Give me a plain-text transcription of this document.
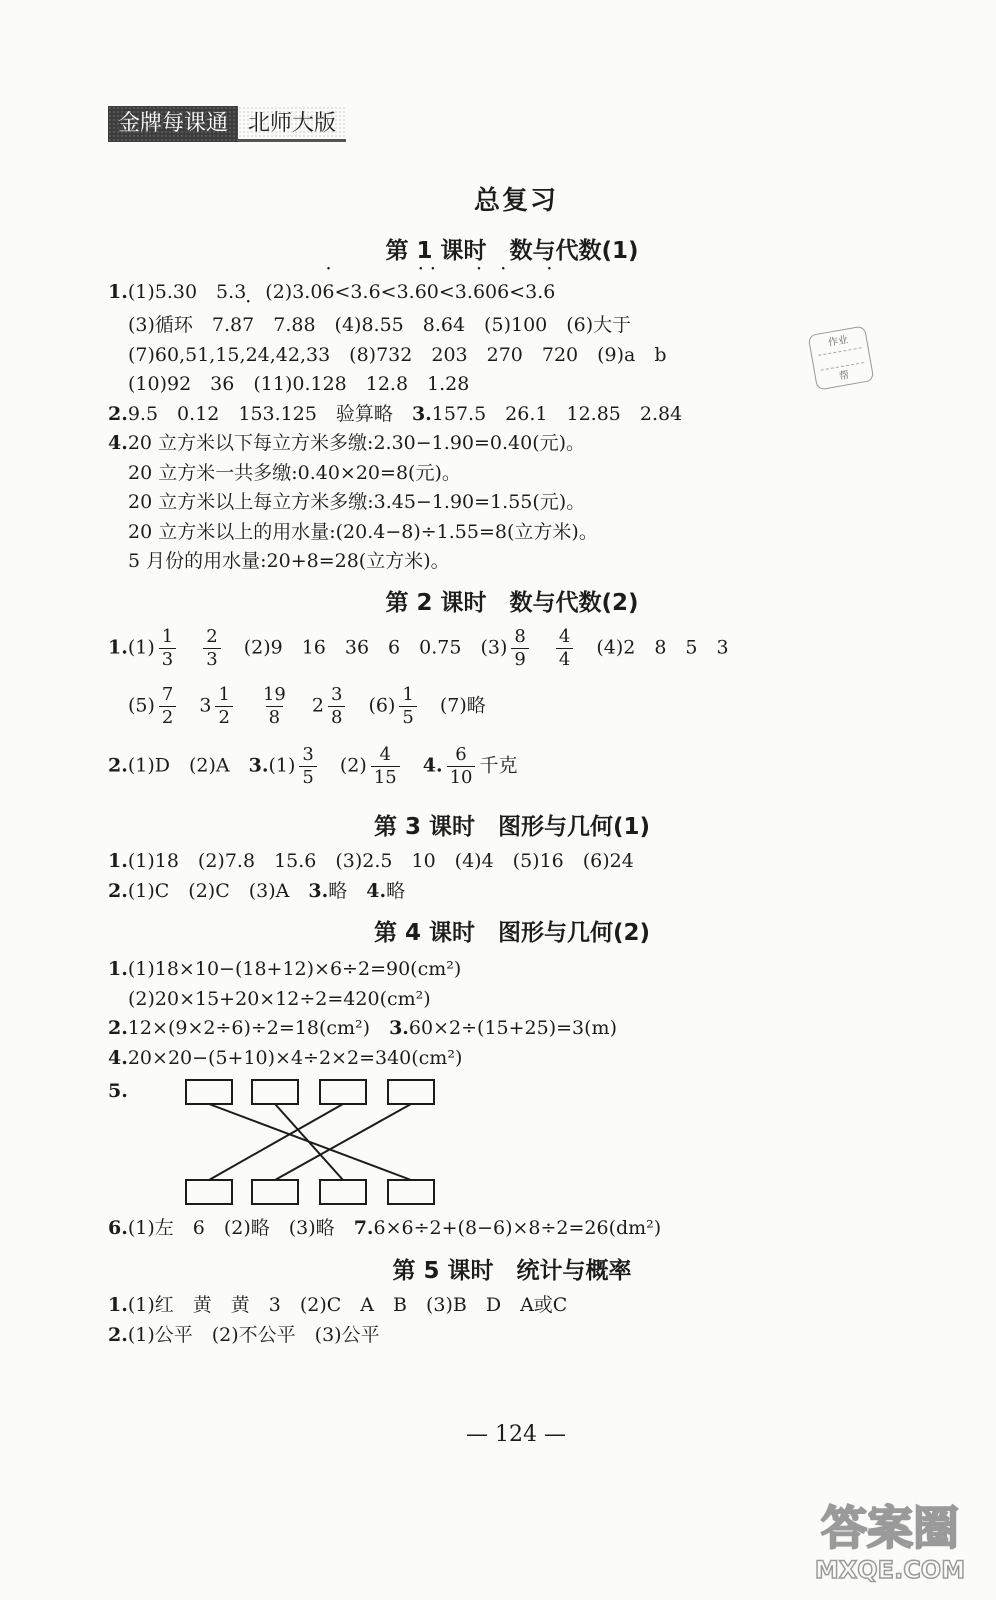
金牌每课通 北师大版
作业
帮
总复习
第 1 课时　数与代数(1)
1.(1)5.30　5.3　(2)3.06 ˙<3.6<3.6 ˙0 ˙<3.6 ˙06 ˙<3.6 ˙
(3)循环　7.87 ˙　7.88　(4)8.55　8.64　(5)100　(6)大于
(7)60,51,15,24,42,33　(8)732　203　270　720　(9)a　b
(10)92　36　(11)0.128　12.8　1.28
2.9.5　0.12　153.125　验算略　3.157.5　26.1　12.85　2.84
4.20 立方米以下每立方米多缴:2.30−1.90=0.40(元)。
20 立方米一共多缴:0.40×20=8(元)。
20 立方米以上每立方米多缴:3.45−1.90=1.55(元)。
20 立方米以上的用水量:(20.4−8)÷1.55=8(立方米)。
5 月份的用水量:20+8=28(立方米)。
第 2 课时　数与代数(2)
$1.(1) \frac{1}{3}$
　 $\frac{2}{3}$
　 (2)9　16　36　6　0.75　$(3) \frac{8}{9}$
　 $\frac{4}{4}$
　 (4)2　8　5　3
$(5) \frac{7}{2}$
　 $3 \frac{1}{2}$
　 $\frac{19}{8}$
　 $2 \frac{3}{8}$
　 $(6) \frac{1}{5}$
　 (7)略
2.(1)D　(2)A　$3.(1) \frac{3}{5}$
　 $(2) \frac{4}{15}$
　 4. $\frac{6}{10}$ 千克
第 3 课时　图形与几何(1)
1.(1)18　(2)7.8　15.6　(3)2.5　10　(4)4　(5)16　(6)24
2.(1)C　(2)C　(3)A　3.略　4.略
第 4 课时　图形与几何(2)
1.(1)18×10−(18+12)×6÷2=90(cm²)
(2)20×15+20×12÷2=420(cm²)
2.12×(9×2÷6)÷2=18(cm²)　3.60×2÷(15+25)=3(m)
4.20×20−(5+10)×4÷2×2=340(cm²)
5.
6.(1)左　6　(2)略　(3)略　7.6×6÷2+(8−6)×8÷2=26(dm²)
第 5 课时　统计与概率
1.(1)红　黄　黄　3　(2)C　A　B　(3)B　D　A或C
2.(1)公平　(2)不公平　(3)公平
— 124 —
答案圈
MXQE.COM
